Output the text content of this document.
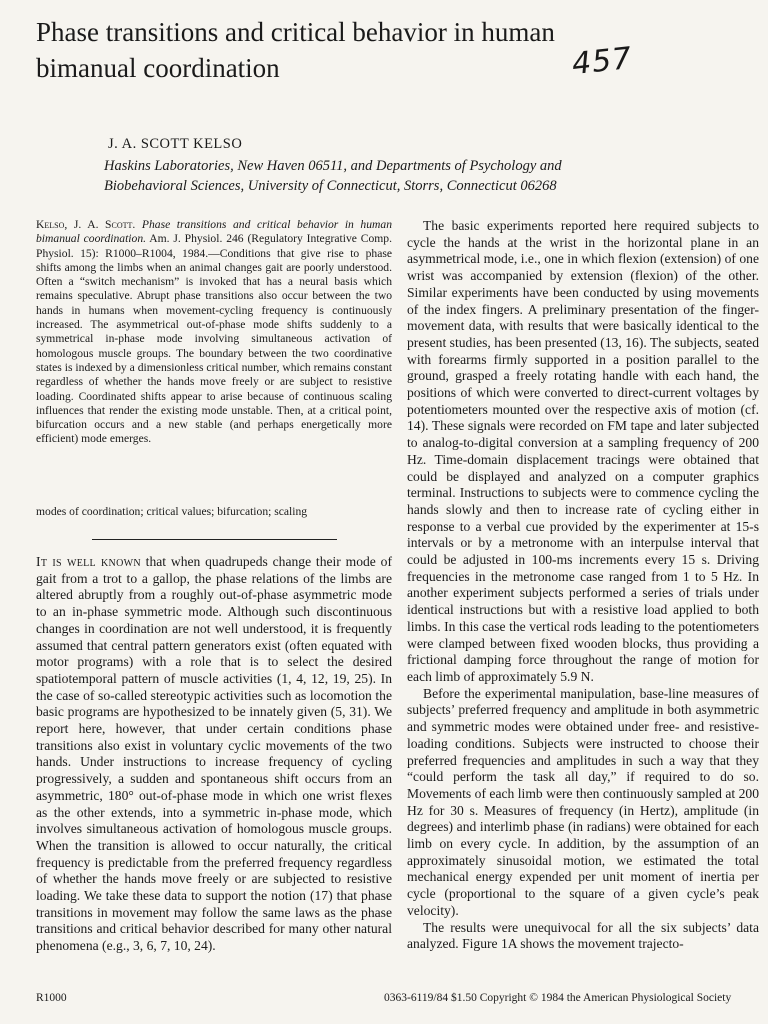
Phase transitions and critical behavior in human bimanual coordination	457
J. A. SCOTT KELSO
Haskins Laboratories, New Haven 06511, and Departments of Psychology and Biobehavioral Sciences, University of Connecticut, Storrs, Connecticut 06268

Kelso, J. A. Scott. Phase transitions and critical behavior in human bimanual coordination. Am. J. Physiol. 246 (Regulatory Integrative Comp. Physiol. 15): R1000–R1004, 1984.—Conditions that give rise to phase shifts among the limbs when an animal changes gait are poorly understood. Often a “switch mechanism” is invoked that has a neural basis which remains speculative. Abrupt phase transitions also occur between the two hands in humans when movement-cycling frequency is continuously increased. The asymmetrical out-of-phase mode shifts suddenly to a symmetrical in-phase mode involving simultaneous activation of homologous muscle groups. The boundary between the two coordinative states is indexed by a dimensionless critical number, which remains constant regardless of whether the hands move freely or are subject to resistive loading. Coordinated shifts appear to arise because of continuous scaling influences that render the existing mode unstable. Then, at a critical point, bifurcation occurs and a new stable (and perhaps energetically more efficient) mode emerges.

modes of coordination; critical values; bifurcation; scaling

It is well known that when quadrupeds change their mode of gait from a trot to a gallop, the phase relations of the limbs are altered abruptly from a roughly out-of-phase asymmetric mode to an in-phase symmetric mode. Although such discontinuous changes in coordination are not well understood, it is frequently assumed that central pattern generators exist (often equated with motor programs) with a role that is to select the desired spatiotemporal pattern of muscle activities (1, 4, 12, 19, 25). In the case of so-called stereotypic activities such as locomotion the basic programs are hypothesized to be innately given (5, 31). We report here, however, that under certain conditions phase transitions also exist in voluntary cyclic movements of the two hands. Under instructions to increase frequency of cycling progressively, a sudden and spontaneous shift occurs from an asymmetric, 180° out-of-phase mode in which one wrist flexes as the other extends, into a symmetric in-phase mode, which involves simultaneous activation of homologous muscle groups. When the transition is allowed to occur naturally, the critical frequency is predictable from the preferred frequency regardless of whether the hands move freely or are subjected to resistive loading. We take these data to support the notion (17) that phase transitions in movement may follow the same laws as the phase transitions and critical behavior described for many other natural phenomena (e.g., 3, 6, 7, 10, 24).

The basic experiments reported here required subjects to cycle the hands at the wrist in the horizontal plane in an asymmetrical mode, i.e., one in which flexion (extension) of one wrist was accompanied by extension (flexion) of the other. Similar experiments have been conducted by using movements of the index fingers. A preliminary presentation of the finger-movement data, with results that were basically identical to the present studies, has been presented (13, 16). The subjects, seated with forearms firmly supported in a position parallel to the ground, grasped a freely rotating handle with each hand, the positions of which were converted to direct-current voltages by potentiometers mounted over the respective axis of motion (cf. 14). These signals were recorded on FM tape and later subjected to analog-to-digital conversion at a sampling frequency of 200 Hz. Time-domain displacement tracings were obtained that could be displayed and analyzed on a computer graphics terminal. Instructions to subjects were to commence cycling the hands slowly and then to increase rate of cycling either in response to a verbal cue provided by the experimenter at 15-s intervals or by a metronome with an interpulse interval that could be adjusted in 100-ms increments every 15 s. Driving frequencies in the metronome case ranged from 1 to 5 Hz. In another experiment subjects performed a series of trials under identical instructions but with a resistive load applied to both limbs. In this case the vertical rods leading to the potentiometers were clamped between fixed wooden blocks, thus providing a frictional damping force throughout the range of motion for each limb of approximately 5.9 N.

Before the experimental manipulation, base-line measures of subjects’ preferred frequency and amplitude in both asymmetric and symmetric modes were obtained under free- and resistive-loading conditions. Subjects were instructed to choose their preferred frequencies and amplitudes in such a way that they “could perform the task all day,” if required to do so. Movements of each limb were then continuously sampled at 200 Hz for 30 s. Measures of frequency (in Hertz), amplitude (in degrees) and interlimb phase (in radians) were obtained for each limb on every cycle. In addition, by the assumption of an approximately sinusoidal motion, we estimated the total mechanical energy expended per unit moment of inertia per cycle (proportional to the square of a given cycle’s peak velocity).

The results were unequivocal for all the six subjects’ data analyzed. Figure 1A shows the movement trajecto-

R1000	0363-6119/84 $1.50 Copyright © 1984 the American Physiological Society
